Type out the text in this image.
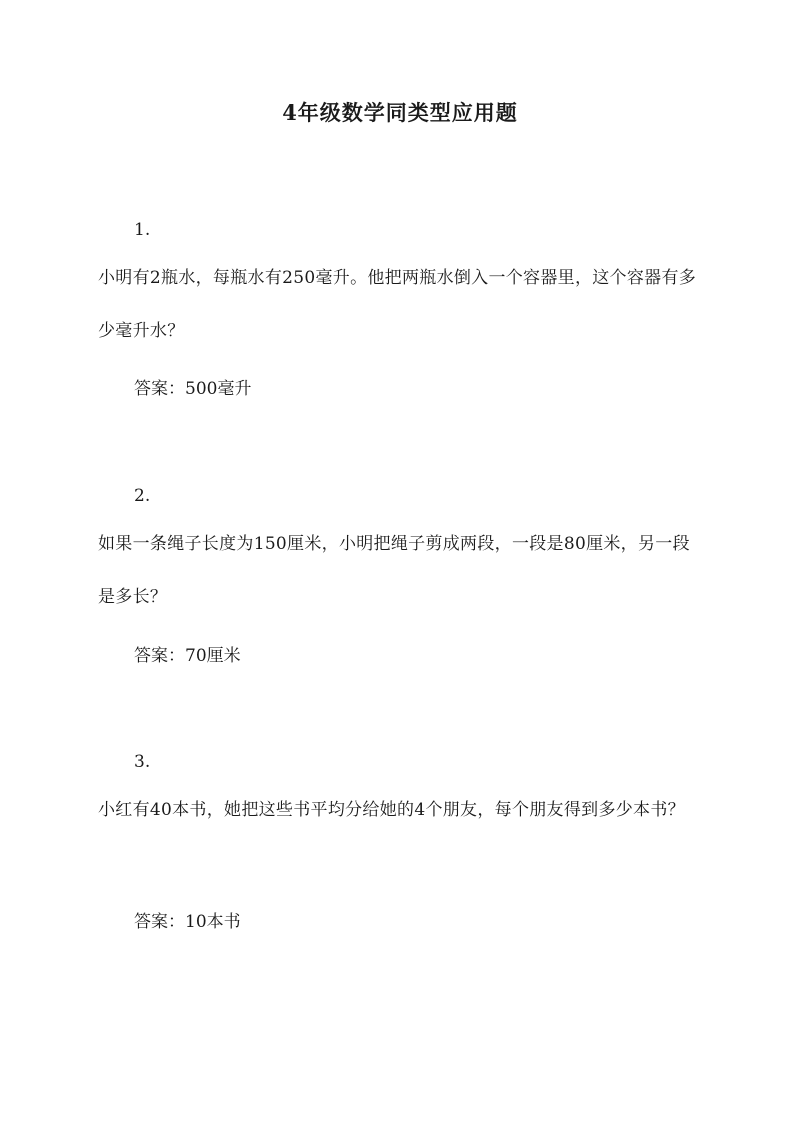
4年级数学同类型应用题
1.

小明有2瓶水，每瓶水有250毫升。他把两瓶水倒入一个容器里，这个容器有多少毫升水？

答案：500毫升
2.

如果一条绳子长度为150厘米，小明把绳子剪成两段，一段是80厘米，另一段是多长？

答案：70厘米
3.

小红有40本书，她把这些书平均分给她的4个朋友，每个朋友得到多少本书？

答案：10本书
